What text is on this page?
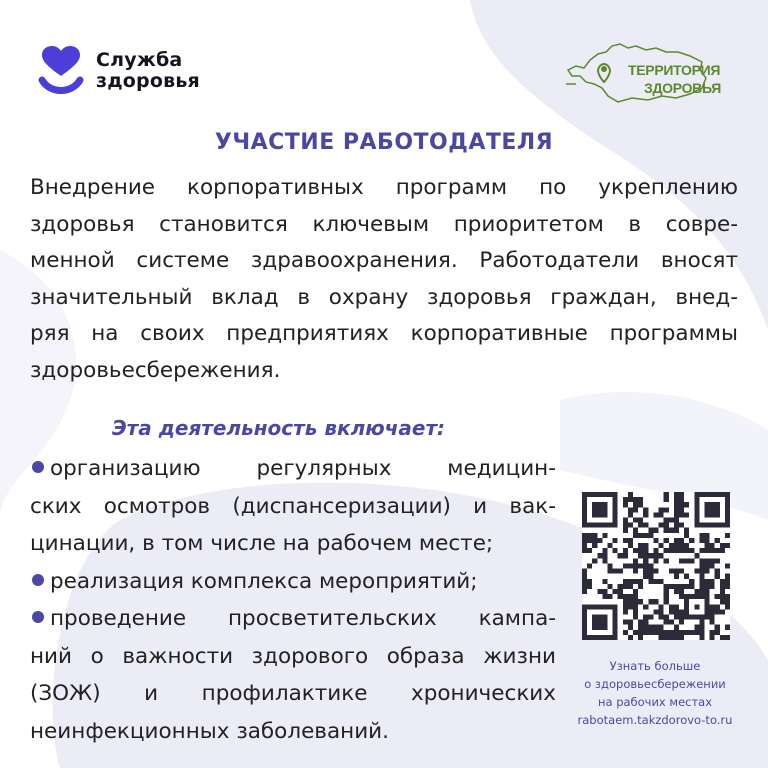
Служба
здоровья	ТЕРРИТОРИЯ
ЗДОРОВЬЯ
УЧАСТИЕ РАБОТОДАТЕЛЯ
Внедрение корпоративных программ по укреплению
здоровья становится ключевым приоритетом в совре-
менной системе здравоохранения. Работодатели вносят
значительный вклад в охрану здоровья граждан, внед-
ряя на своих предприятиях корпоративные программы
здоровьесбережения.
Эта деятельность включает:
организацию регулярных медицин-
ских осмотров (диспансеризации) и вак-
цинации, в том числе на рабочем месте;
реализация комплекса мероприятий;
проведение просветительских кампа-
ний о важности здорового образа жизни
(ЗОЖ) и профилактике хронических
неинфекционных заболеваний.
Узнать больше
о здоровьесбережении
на рабочих местах
rabotaem.takzdorovo-to.ru
